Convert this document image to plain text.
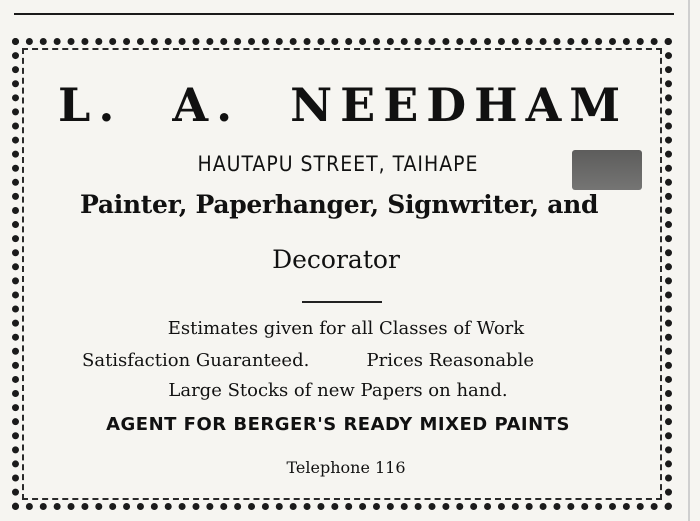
L. A. NEEDHAM

HAUTAPU STREET, TAIHAPE

Painter, Paperhanger, Signwriter, and

Decorator

Estimates given for all Classes of Work

Satisfaction Guaranteed.	Prices Reasonable

Large Stocks of new Papers on hand.

AGENT FOR BERGER'S READY MIXED PAINTS

Telephone 116
